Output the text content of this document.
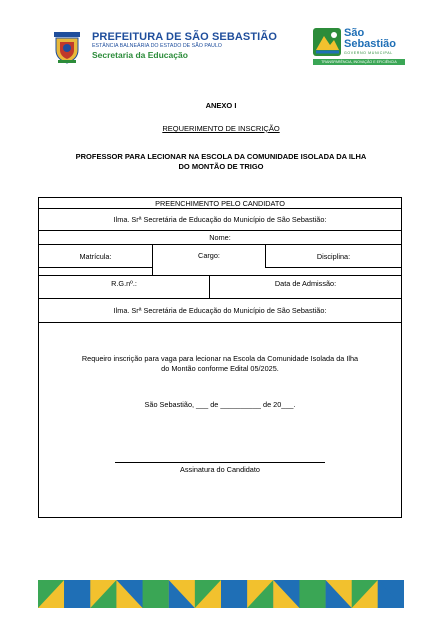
PREFEITURA DE SÃO SEBASTIÃO
ESTÂNCIA BALNEÁRIA DO ESTADO DE SÃO PAULO
Secretaria da Educação
São
Sebastião
GOVERNO MUNICIPAL
TRANSPARÊNCIA, INOVAÇÃO E EFICIÊNCIA
ANEXO I
REQUERIMENTO DE INSCRIÇÃO
PROFESSOR PARA LECIONAR NA ESCOLA DA COMUNIDADE ISOLADA DA ILHA
DO MONTÃO DE TRIGO
PREENCHIMENTO PELO CANDIDATO
Ilma. Srª Secretária de Educação do Município de São Sebastião:
Nome:
Matrícula:	Cargo:	Disciplina:
R.G.nº.:	Data de Admissão:
Ilma. Srª Secretária de Educação do Município de São Sebastião:
Requeiro inscrição para vaga para lecionar na Escola da Comunidade Isolada da Ilha
do Montão conforme Edital 05/2025.
São Sebastião, ___ de __________ de 20___.
Assinatura do Candidato
